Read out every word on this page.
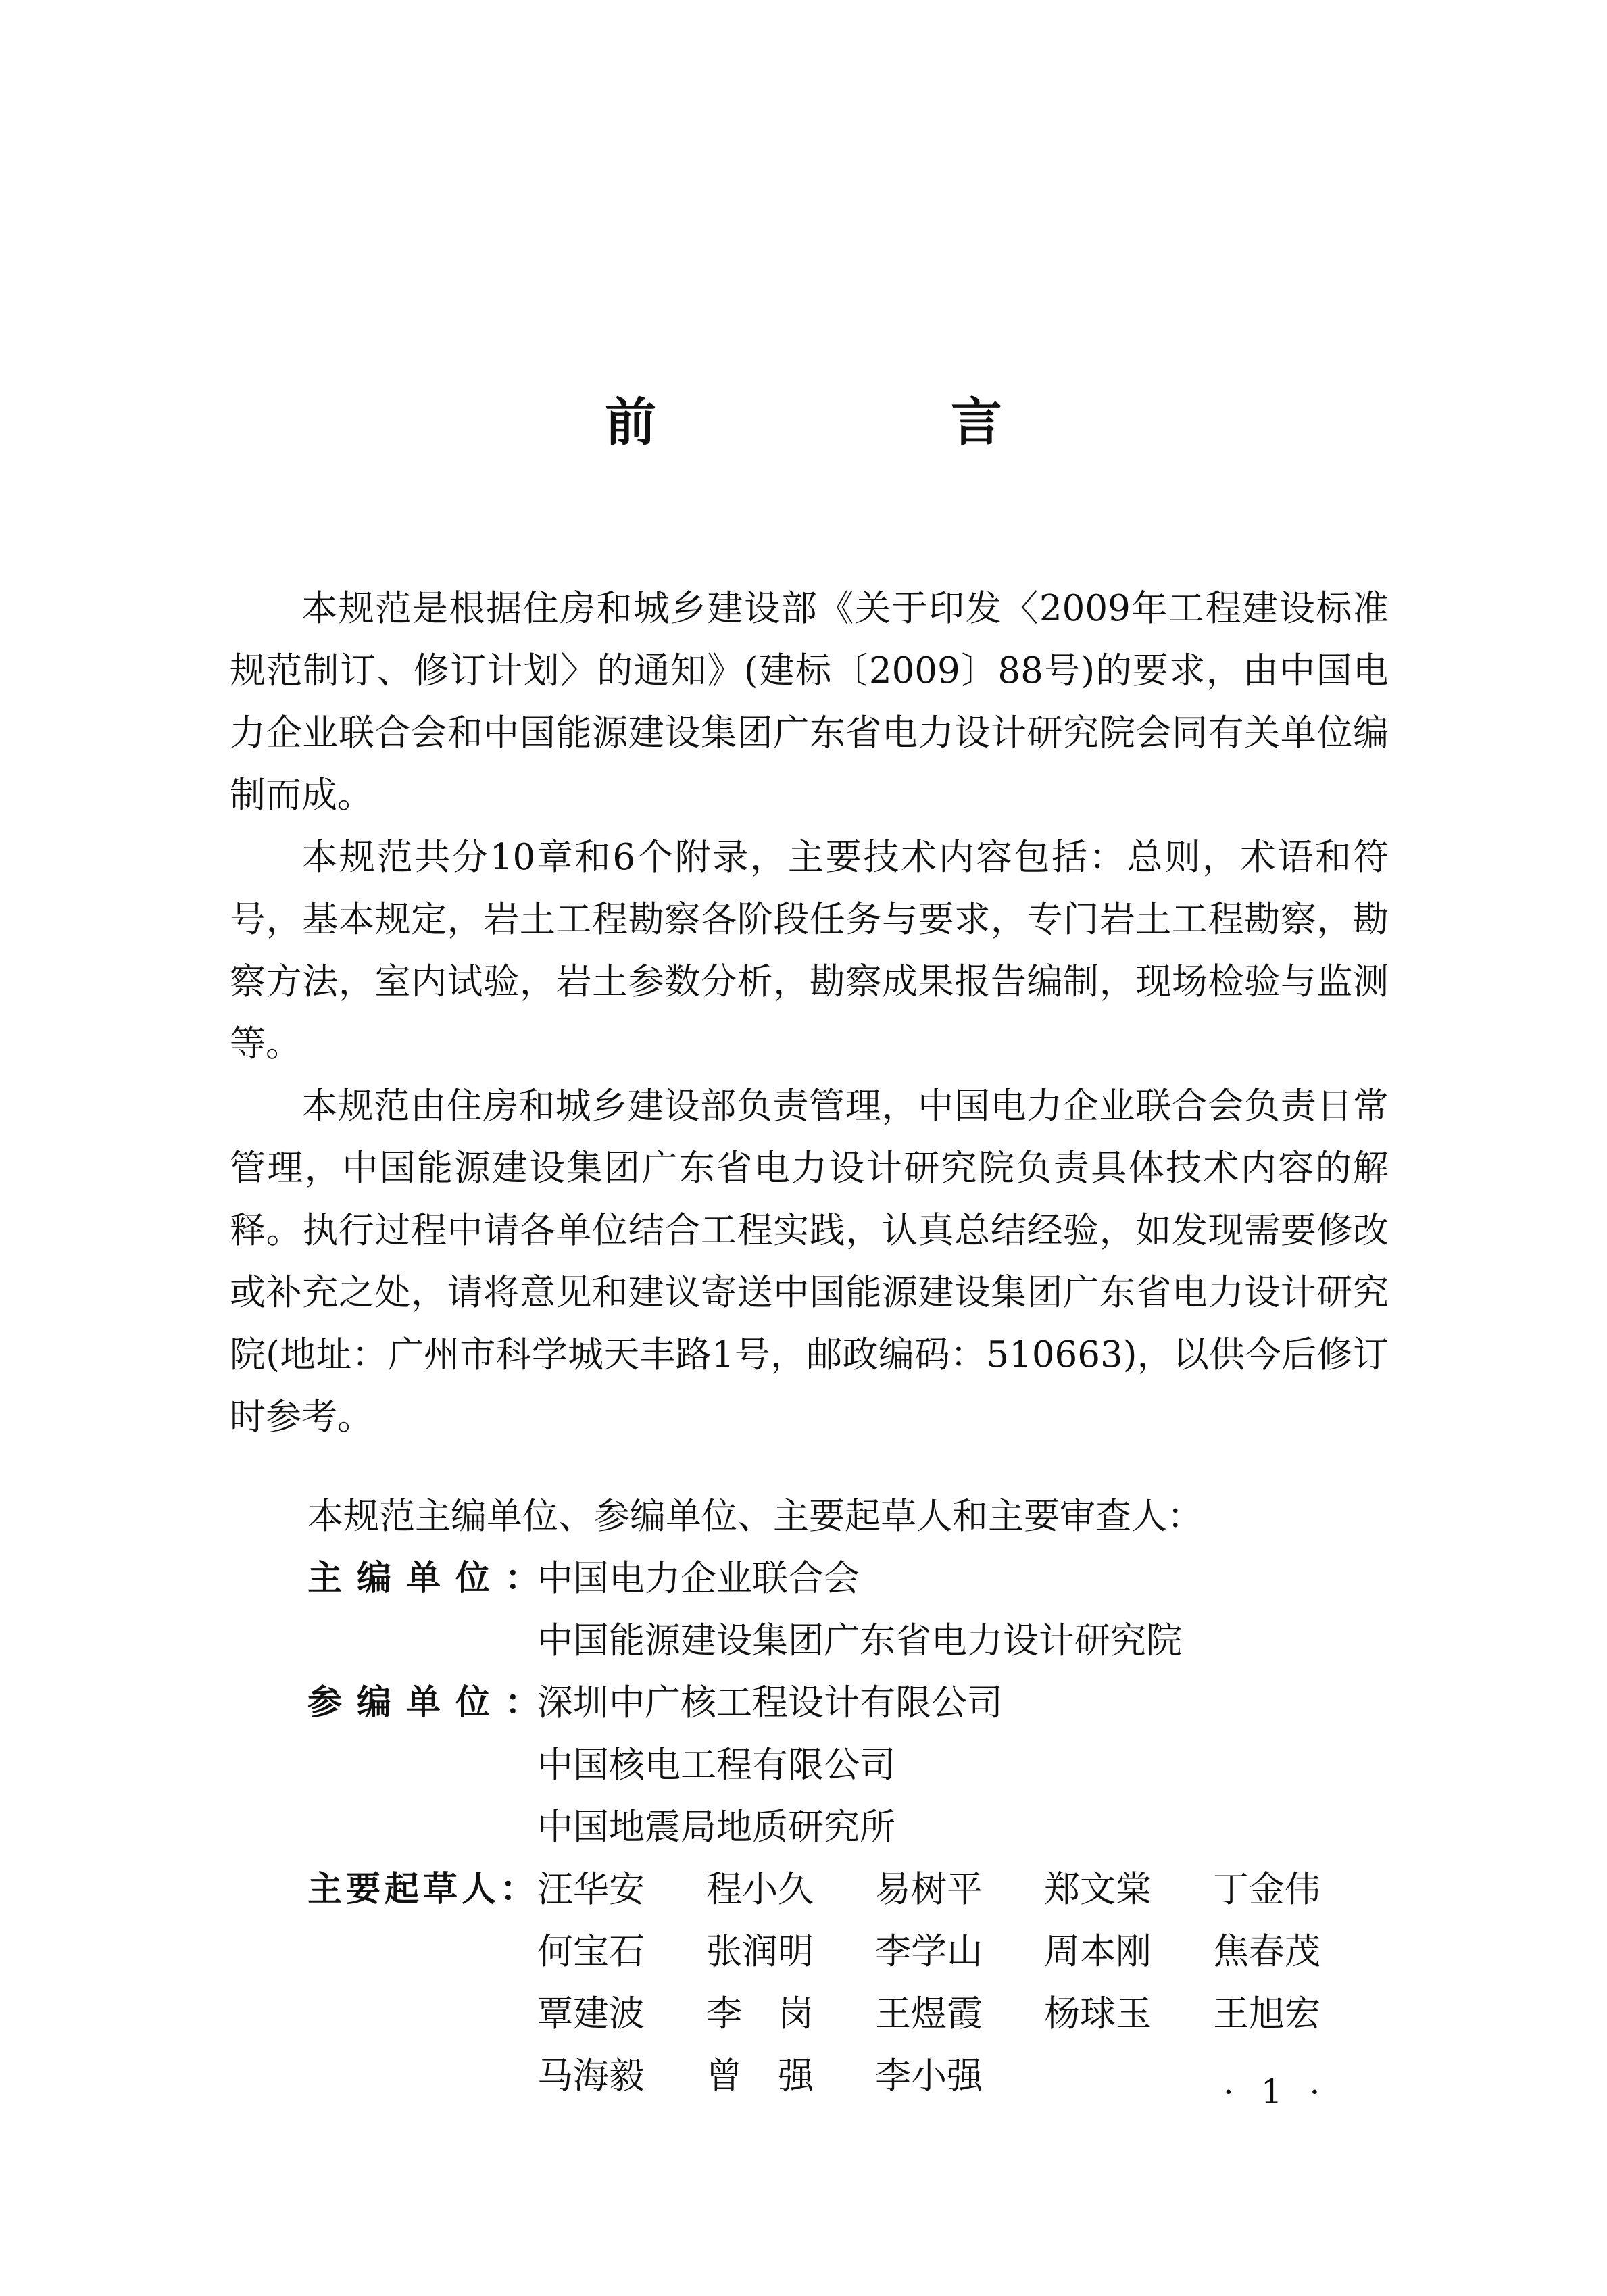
前　言

本规范是根据住房和城乡建设部《关于印发〈2009年工程建设标准规范制订、修订计划〉的通知》(建标〔2009〕88号)的要求，由中国电力企业联合会和中国能源建设集团广东省电力设计研究院会同有关单位编制而成。

本规范共分10章和6个附录，主要技术内容包括：总则，术语和符号，基本规定，岩土工程勘察各阶段任务与要求，专门岩土工程勘察，勘察方法，室内试验，岩土参数分析，勘察成果报告编制，现场检验与监测等。

本规范由住房和城乡建设部负责管理，中国电力企业联合会负责日常管理，中国能源建设集团广东省电力设计研究院负责具体技术内容的解释。执行过程中请各单位结合工程实践，认真总结经验，如发现需要修改或补充之处，请将意见和建议寄送中国能源建设集团广东省电力设计研究院(地址：广州市科学城天丰路1号，邮政编码：510663)，以供今后修订时参考。

本规范主编单位、参编单位、主要起草人和主要审查人：
主编单位：
中国电力企业联合会
中国能源建设集团广东省电力设计研究院
参编单位：
深圳中广核工程设计有限公司
中国核电工程有限公司
中国地震局地质研究所
主要起草人：
汪华安	程小久	易树平	郑文棠	丁金伟
何宝石	张润明	李学山	周本刚	焦春茂
覃建波	李　岗	王煜霞	杨球玉	王旭宏
马海毅	曾　强	李小强	· 1 ·
